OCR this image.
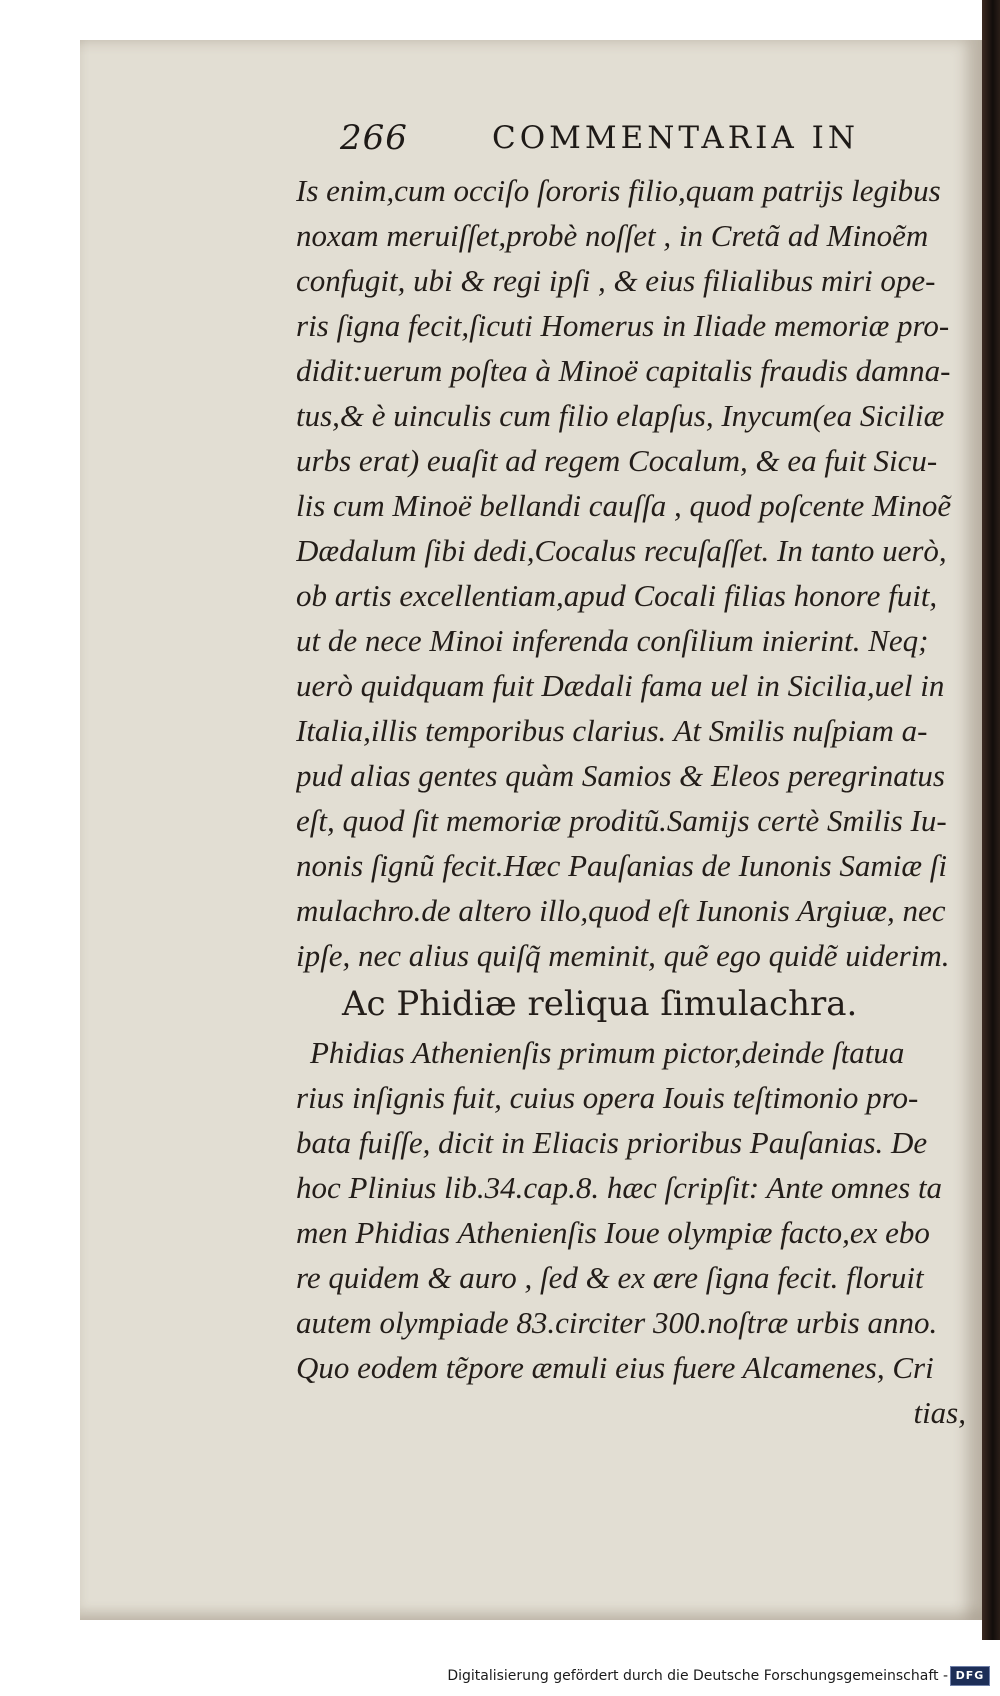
266	COMMENTARIA IN
Is enim,cum occiſo ſororis filio,quam patrijs legibus
noxam meruiſſet,probè noſſet , in Cretã ad Minoẽm
confugit, ubi & regi ipſi , & eius filialibus miri ope-
ris ſigna fecit,ſicuti Homerus in Iliade memoriæ pro-
didit:uerum poſtea à Minoë capitalis fraudis damna-
tus,& è uinculis cum filio elapſus, Inycum(ea Siciliæ
urbs erat) euaſit ad regem Cocalum, & ea fuit Sicu-
lis cum Minoë bellandi cauſſa , quod poſcente Minoẽ
Dædalum ſibi dedi,Cocalus recuſaſſet. In tanto uerò,
ob artis excellentiam,apud Cocali filias honore fuit,
ut de nece Minoi inferenda conſilium inierint. Neq;
uerò quidquam fuit Dædali fama uel in Sicilia,uel in
Italia,illis temporibus clarius. At Smilis nuſpiam a-
pud alias gentes quàm Samios & Eleos peregrinatus
eſt, quod ſit memoriæ proditũ.Samijs certè Smilis Iu-
nonis ſignũ fecit.Hæc Pauſanias de Iunonis Samiæ ſi
mulachro.de altero illo,quod eſt Iunonis Argiuæ, nec
ipſe, nec alius quiſq̃ meminit, quẽ ego quidẽ uiderim.
Ac Phidiæ reliqua ſimulachra.
Phidias Athenienſis primum pictor,deinde ſtatua
rius inſignis fuit, cuius opera Iouis teſtimonio pro-
bata fuiſſe, dicit in Eliacis prioribus Pauſanias. De
hoc Plinius lib.34.cap.8. hæc ſcripſit: Ante omnes ta
men Phidias Athenienſis Ioue olympiæ facto,ex ebo
re quidem & auro , ſed & ex ære ſigna fecit. floruit
autem olympiade 83.circiter 300.noſtræ urbis anno.
Quo eodem tẽpore æmuli eius fuere Alcamenes, Cri
tias,
Digitalisierung gefördert durch die Deutsche Forschungsgemeinschaft - DFG
